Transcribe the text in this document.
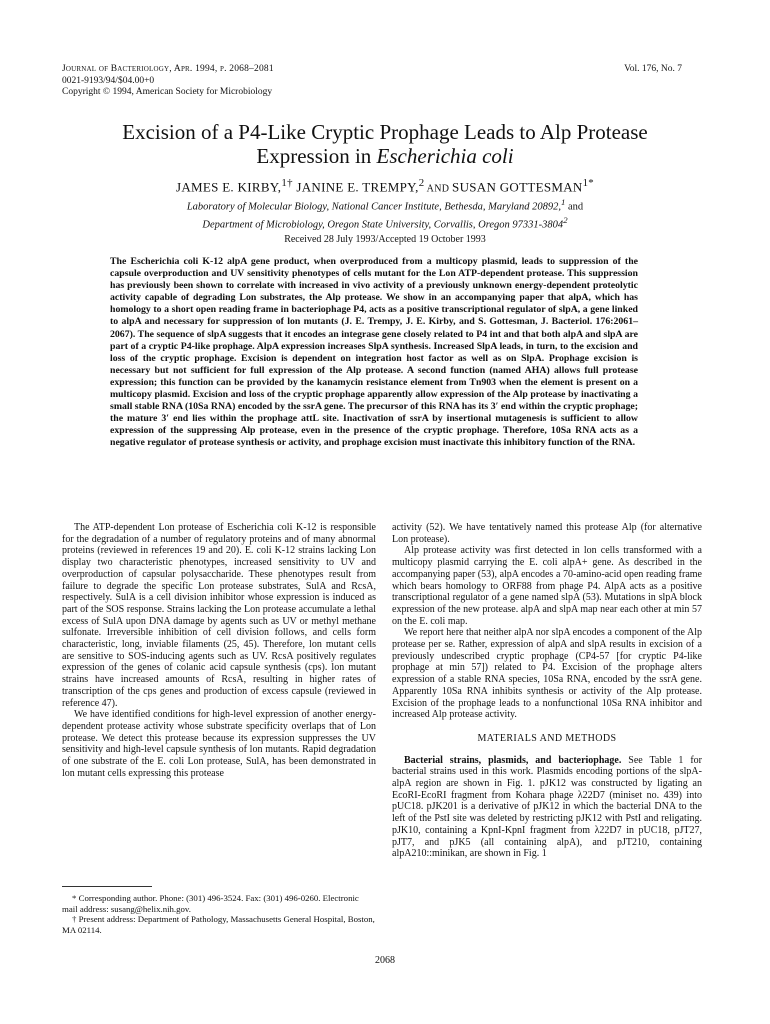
Journal of Bacteriology, Apr. 1994, p. 2068–2081
0021-9193/94/$04.00+0
Copyright © 1994, American Society for Microbiology
Vol. 176, No. 7
Excision of a P4-Like Cryptic Prophage Leads to Alp Protease
Expression in Escherichia coli
JAMES E. KIRBY,$^{1\dagger}$ JANINE E. TREMPY,$^2$ AND SUSAN $GOTTESMAN^{1*}$
Laboratory of Molecular Biology, National Cancer Institute, Bethesda, Maryland 20892,$^1$ and
Department of Microbiology, Oregon State University, Corvallis, Oregon 97331-3804$^2$
Received 28 July 1993/Accepted 19 October 1993

The Escherichia coli K-12 alpA gene product, when overproduced from a multicopy plasmid, leads to suppression of the capsule overproduction and UV sensitivity phenotypes of cells mutant for the Lon ATP-dependent protease. This suppression has previously been shown to correlate with increased in vivo activity of a previously unknown energy-dependent proteolytic activity capable of degrading Lon substrates, the Alp protease. We show in an accompanying paper that alpA, which has homology to a short open reading frame in bacteriophage P4, acts as a positive transcriptional regulator of slpA, a gene linked to alpA and necessary for suppression of lon mutants (J. E. Trempy, J. E. Kirby, and S. Gottesman, J. Bacteriol. 176:2061–2067). The sequence of slpA suggests that it encodes an integrase gene closely related to P4 int and that both alpA and slpA are part of a cryptic P4-like prophage. AlpA expression increases SlpA synthesis. Increased SlpA leads, in turn, to the excision and loss of the cryptic prophage. Excision is dependent on integration host factor as well as on SlpA. Prophage excision is necessary but not sufficient for full expression of the Alp protease. A second function (named AHA) allows full protease expression; this function can be provided by the kanamycin resistance element from Tn903 when the element is present on a multicopy plasmid. Excision and loss of the cryptic prophage apparently allow expression of the Alp protease by inactivating a small stable RNA (10Sa RNA) encoded by the ssrA gene. The precursor of this RNA has its 3′ end within the cryptic prophage; the mature 3′ end lies within the prophage attL site. Inactivation of ssrA by insertional mutagenesis is sufficient to allow expression of the suppressing Alp protease, even in the presence of the cryptic prophage. Therefore, 10Sa RNA acts as a negative regulator of protease synthesis or activity, and prophage excision must inactivate this inhibitory function of the RNA.

The ATP-dependent Lon protease of Escherichia coli K-12 is responsible for the degradation of a number of regulatory proteins and of many abnormal proteins (reviewed in references 19 and 20). E. coli K-12 strains lacking Lon display two characteristic phenotypes, increased sensitivity to UV and overproduction of capsular polysaccharide. These phenotypes result from failure to degrade the specific Lon protease substrates, SulA and RcsA, respectively. SulA is a cell division inhibitor whose expression is induced as part of the SOS response. Strains lacking the Lon protease accumulate a lethal excess of SulA upon DNA damage by agents such as UV or methyl methane sulfonate. Irreversible inhibition of cell division follows, and cells form characteristic, long, inviable filaments (25, 45). Therefore, lon mutant cells are sensitive to SOS-inducing agents such as UV. RcsA positively regulates expression of the genes of colanic acid capsule synthesis (cps). lon mutant strains have increased amounts of RcsA, resulting in higher rates of transcription of the cps genes and production of excess capsule (reviewed in reference 47).

We have identified conditions for high-level expression of another energy-dependent protease activity whose substrate specificity overlaps that of Lon protease. We detect this protease because its expression suppresses the UV sensitivity and high-level capsule synthesis of lon mutants. Rapid degradation of one substrate of the E. coli Lon protease, SulA, has been demonstrated in lon mutant cells expressing this protease

* Corresponding author. Phone: (301) 496-3524. Fax: (301) 496-0260. Electronic mail address: susang@helix.nih.gov.

† Present address: Department of Pathology, Massachusetts General Hospital, Boston, MA 02114.

activity (52). We have tentatively named this protease Alp (for alternative Lon protease).

Alp protease activity was first detected in lon cells transformed with a multicopy plasmid carrying the E. coli alpA+ gene. As described in the accompanying paper (53), alpA encodes a 70-amino-acid open reading frame which bears homology to ORF88 from phage P4. AlpA acts as a positive transcriptional regulator of a gene named slpA (53). Mutations in slpA block expression of the new protease. alpA and slpA map near each other at min 57 on the E. coli map.

We report here that neither alpA nor slpA encodes a component of the Alp protease per se. Rather, expression of alpA and slpA results in excision of a previously undescribed cryptic prophage (CP4-57 [for cryptic P4-like prophage at min 57]) related to P4. Excision of the prophage alters expression of a stable RNA species, 10Sa RNA, encoded by the ssrA gene. Apparently 10Sa RNA inhibits synthesis or activity of the Alp protease. Excision of the prophage leads to a nonfunctional 10Sa RNA inhibitor and increased Alp protease activity.

MATERIALS AND METHODS

Bacterial strains, plasmids, and bacteriophage. See Table 1 for bacterial strains used in this work. Plasmids encoding portions of the slpA-alpA region are shown in Fig. 1. pJK12 was constructed by ligating an EcoRI-EcoRI fragment from Kohara phage λ22D7 (miniset no. 439) into pUC18. pJK201 is a derivative of pJK12 in which the bacterial DNA to the left of the PstI site was deleted by restricting pJK12 with PstI and religating. pJK10, containing a KpnI-KpnI fragment from λ22D7 in pUC18, pJT27, pJT7, and pJK5 (all containing alpA), and pJT210, containing alpA210::minikan, are shown in Fig. 1

2068
